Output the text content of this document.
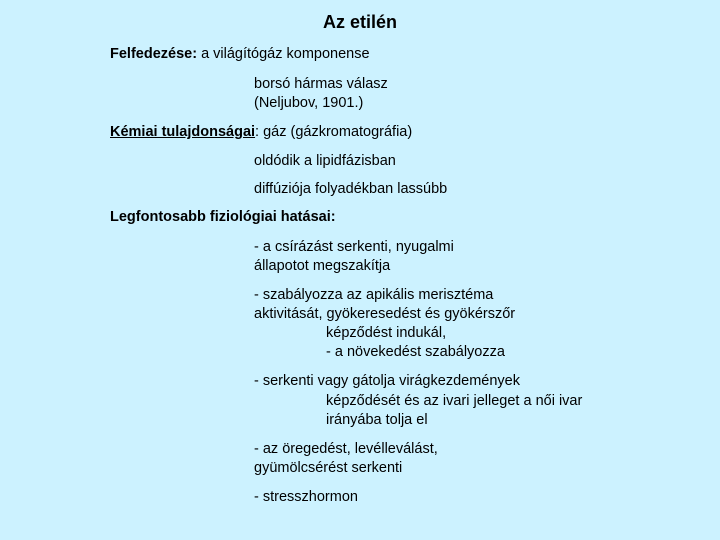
Az etilén
Felfedezése: a világítógáz komponense
borsó hármas válasz
(Neljubov, 1901.)
Kémiai tulajdonságai: gáz (gázkromatográfia)
oldódik a lipidfázisban
diffúziója folyadékban lassúbb
Legfontosabb fiziológiai hatásai:
- a csírázást serkenti, nyugalmi
állapotot megszakítja
- szabályozza az apikális merisztéma
aktivitását, gyökeresedést és gyökérszőr
képződést indukál,
- a növekedést szabályozza
- serkenti vagy gátolja virágkezdemények
képződését és az ivari jelleget a női ivar
irányába tolja el
- az öregedést, levélleválást,
gyümölcsérést serkenti
- stresszhormon
